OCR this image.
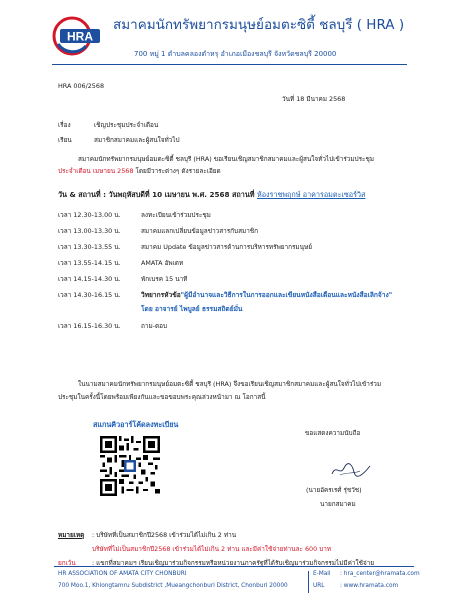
HRA
สมาคมนักทรัพยากรมนุษย์อมตะซิตี้ ชลบุรี ( HRA )
700 หมู่ 1 ตำบลคลองตำหรุ อำเภอเมืองชลบุรี จังหวัดชลบุรี 20000
HRA 006/2568
วันที่ 18 มีนาคม 2568
เรื่อง	เชิญประชุมประจำเดือน
เรียน	สมาชิกสมาคมและผู้สนใจทั่วไป
สมาคมนักทรัพยากรมนุษย์อมตะซิตี้ ชลบุรี (HRA) ขอเรียนเชิญสมาชิกสมาคมและผู้สนใจทั่วไปเข้าร่วมประชุม
ประจำเดือน เมษายน 2568 โดยมีวาระต่างๆ ดังรายละเอียด
วัน & สถานที่ : วันพฤหัสบดีที่ 10 เมษายน พ.ศ. 2568 สถานที่ ห้องราชพฤกษ์ อาคารอมตะเซอร์วิส
เวลา 12.30-13.00 น.	ลงทะเบียนเข้าร่วมประชุม
เวลา 13.00-13.30 น.	สมาคมแลกเปลี่ยนข้อมูลข่าวสารกับสมาชิก
เวลา 13.30-13.55 น.	สมาคม Update ข้อมูลข่าวสารด้านการบริหารทรัพยากรมนุษย์
เวลา 13.55-14.15 น.	AMATA อัพเดท
เวลา 14.15-14.30 น.	พักเบรค 15 นาที
เวลา 14.30-16.15 น.	วิทยากรหัวข้อ"ผู้มีอำนาจและวิธีการในการออกและเขียนหนังสือเตือนและหนังสือเลิกจ้าง"
โดย อาจารย์ ไพบูลย์ ธรรมสถิตย์มั่น
เวลา 16.15-16.30 น.	ถาม-ตอบ
ในนามสมาคมนักทรัพยากรมนุษย์อมตะซิตี้ ชลบุรี (HRA) จึงขอเรียนเชิญสมาชิกสมาคมและผู้สนใจทั่วไปเข้าร่วม
ประชุมในครั้งนี้โดยพร้อมเพียงกันและขอขอบพระคุณล่วงหน้ามา ณ โอกาสนี้
สแกนคิวอาร์โค้ดลงทะเบียน
ขอแสดงความนับถือ
(นายอัครเรศ์ รุ่ชวัช)
นายกสมาคม
หมายเหตุ : บริษัทที่เป็นสมาชิกปี2568 เข้าร่วมได้ไม่เกิน 2 ท่าน
บริษัทที่ไม่เป็นสมาชิกปี2568 เข้าร่วมได้ไม่เกิน 2 ท่าน และมีค่าใช้จ่ายท่านละ 600 บาท
ยกเว้น	: แขกที่สมาคมฯ เรียนเชิญมาร่วมกิจกรรมหรือหน่วยงานภาครัฐที่ได้รับเชิญมาร่วมกิจกรรมไม่มีค่าใช้จ่าย
HR ASSOCIATION OF AMATA CITY CHONBURI
700 Moo.1, Khlongtamru Subdistrict ,Mueangchonburi District, Chonburi 20000
E-Mail : hra_center@hramata.com
URL	: www.hramata.com
